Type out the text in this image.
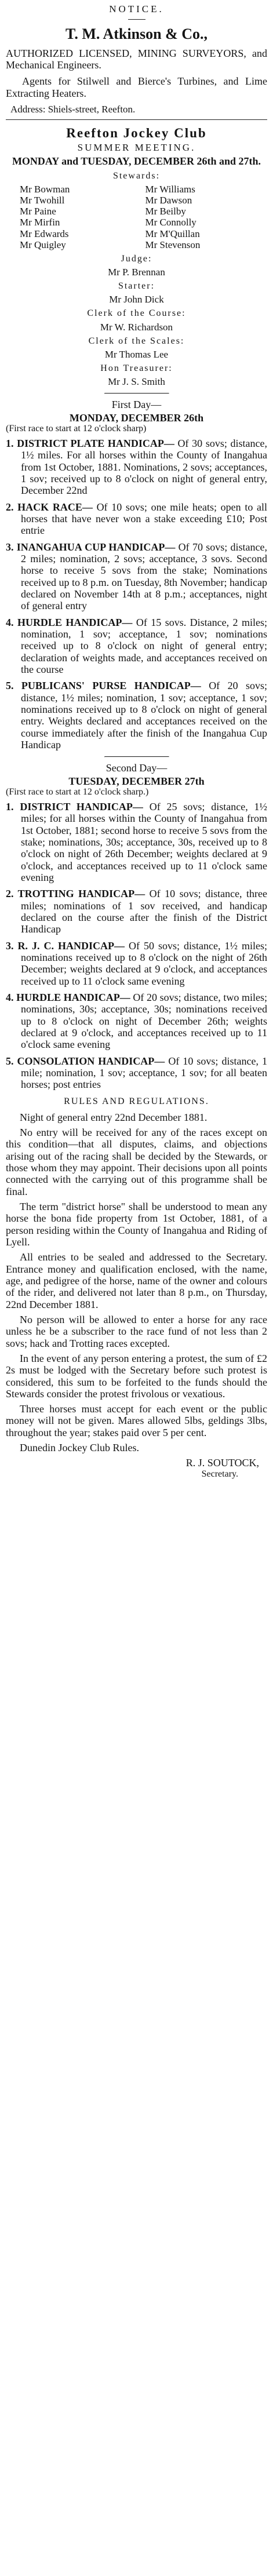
NOTICE.
T. M. Atkinson & Co.,

AUTHORIZED LICENSED, MINING SURVEYORS, and Mechanical Engineers.

Agents for Stilwell and Bierce's Turbines, and Lime Extracting Heaters.

Address: Shiels-street, Reefton.

Reefton Jockey Club
SUMMER MEETING.
MONDAY and TUESDAY, DECEMBER 26th and 27th.
Stewards:
Mr Bowman	Mr Williams
Mr Twohill	Mr Dawson
Mr Paine	Mr Beilby
Mr Mirfin	Mr Connolly
Mr Edwards	Mr M'Quillan
Mr Quigley	Mr Stevenson
Judge:
Mr P. Brennan
Starter:
Mr John Dick
Clerk of the Course:
Mr W. Richardson
Clerk of the Scales:
Mr Thomas Lee
Hon Treasurer:
Mr J. S. Smith
First Day—
MONDAY, DECEMBER 26th
(First race to start at 12 o'clock sharp)

1. DISTRICT PLATE HANDICAP— Of 30 sovs; distance, 1½ miles. For all horses within the County of Inangahua from 1st October, 1881. Nominations, 2 sovs; acceptances, 1 sov; received up to 8 o'clock on night of general entry, December 22nd

2. HACK RACE— Of 10 sovs; one mile heats; open to all horses that have never won a stake exceeding £10; Post entrie

3. INANGAHUA CUP HANDICAP— Of 70 sovs; distance, 2 miles; nomination, 2 sovs; acceptance, 3 sovs. Second horse to receive 5 sovs from the stake; Nominations received up to 8 p.m. on Tuesday, 8th November; handicap declared on November 14th at 8 p.m.; acceptances, night of general entry

4. HURDLE HANDICAP— Of 15 sovs. Distance, 2 miles; nomination, 1 sov; acceptance, 1 sov; nominations received up to 8 o'clock on night of general entry; declaration of weights made, and acceptances received on the course

5. PUBLICANS' PURSE HANDICAP— Of 20 sovs; distance, 1½ miles; nomination, 1 sov; acceptance, 1 sov; nominations received up to 8 o'clock on night of general entry. Weights declared and acceptances received on the course immediately after the finish of the Inangahua Cup Handicap

Second Day—
TUESDAY, DECEMBER 27th
(First race to start at 12 o'clock sharp.)

1. DISTRICT HANDICAP— Of 25 sovs; distance, 1½ miles; for all horses within the County of Inangahua from 1st October, 1881; second horse to receive 5 sovs from the stake; nominations, 30s; acceptance, 30s, received up to 8 o'clock on night of 26th December; weights declared at 9 o'clock, and acceptances received up to 11 o'clock same evening

2. TROTTING HANDICAP— Of 10 sovs; distance, three miles; nominations of 1 sov received, and handicap declared on the course after the finish of the District Handicap

3. R. J. C. HANDICAP— Of 50 sovs; distance, 1½ miles; nominations received up to 8 o'clock on the night of 26th December; weights declared at 9 o'clock, and acceptances received up to 11 o'clock same evening

4. HURDLE HANDICAP— Of 20 sovs; distance, two miles; nominations, 30s; acceptance, 30s; nominations received up to 8 o'clock on night of December 26th; weights declared at 9 o'clock, and acceptances received up to 11 o'clock same evening

5. CONSOLATION HANDICAP— Of 10 sovs; distance, 1 mile; nomination, 1 sov; acceptance, 1 sov; for all beaten horses; post entries

RULES AND REGULATIONS.

Night of general entry 22nd December 1881.

No entry will be received for any of the races except on this condition—that all disputes, claims, and objections arising out of the racing shall be decided by the Stewards, or those whom they may appoint. Their decisions upon all points connected with the carrying out of this programme shall be final.

The term "district horse" shall be understood to mean any horse the bona fide property from 1st October, 1881, of a person residing within the County of Inangahua and Riding of Lyell.

All entries to be sealed and addressed to the Secretary. Entrance money and qualification enclosed, with the name, age, and pedigree of the horse, name of the owner and colours of the rider, and delivered not later than 8 p.m., on Thursday, 22nd December 1881.

No person will be allowed to enter a horse for any race unless he be a subscriber to the race fund of not less than 2 sovs; hack and Trotting races excepted.

In the event of any person entering a protest, the sum of £2 2s must be lodged with the Secretary before such protest is considered, this sum to be forfeited to the funds should the Stewards consider the protest frivolous or vexatious.

Three horses must accept for each event or the public money will not be given. Mares allowed 5lbs, geldings 3lbs, throughout the year; stakes paid over 5 per cent.

Dunedin Jockey Club Rules.

R. J. SOUTOCK,
Secretary.
